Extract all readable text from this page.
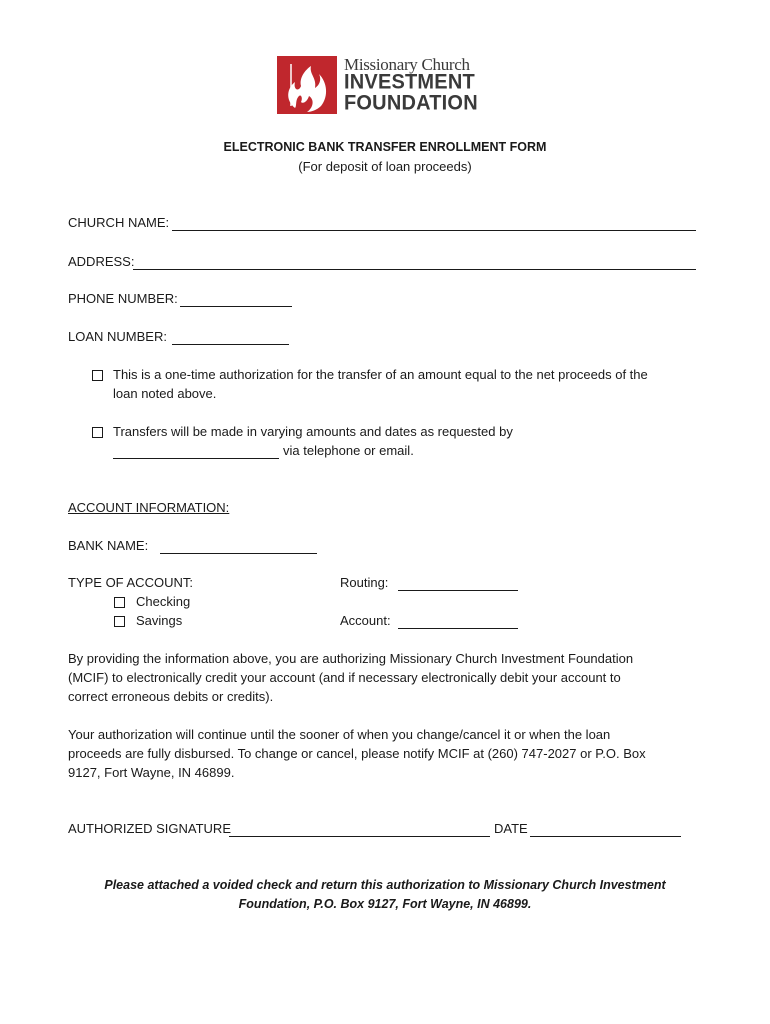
Missionary Church
INVESTMENT
FOUNDATION
ELECTRONIC BANK TRANSFER ENROLLMENT FORM
(For deposit of loan proceeds)
CHURCH NAME:
ADDRESS:
PHONE NUMBER:
LOAN NUMBER:
This is a one-time authorization for the transfer of an amount equal to the net proceeds of the
loan noted above.
Transfers will be made in varying amounts and dates as requested by
via telephone or email.
ACCOUNT INFORMATION:
BANK NAME:
TYPE OF ACCOUNT:
Checking
Savings
Routing:
Account:
By providing the information above, you are authorizing Missionary Church Investment Foundation
(MCIF) to electronically credit your account (and if necessary electronically debit your account to
correct erroneous debits or credits).
Your authorization will continue until the sooner of when you change/cancel it or when the loan
proceeds are fully disbursed. To change or cancel, please notify MCIF at (260) 747-2027 or P.O. Box
9127, Fort Wayne, IN 46899.
AUTHORIZED SIGNATURE	DATE
Please attached a voided check and return this authorization to Missionary Church Investment
Foundation, P.O. Box 9127, Fort Wayne, IN 46899.
